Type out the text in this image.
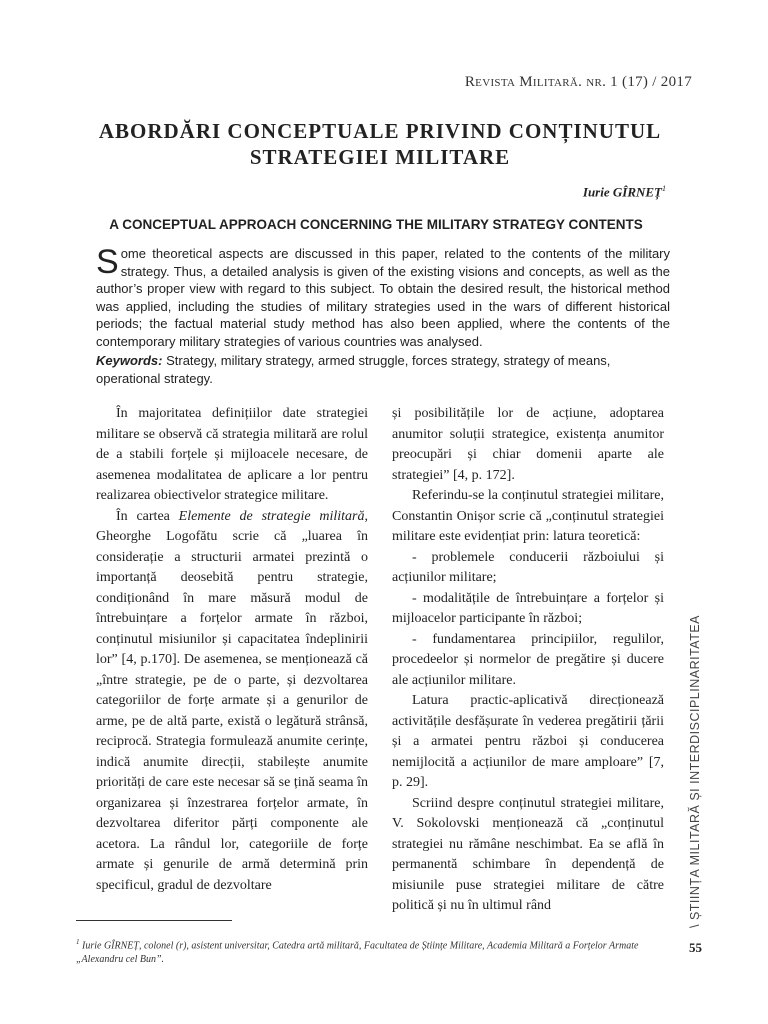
Revista Militară. nr. 1 (17) / 2017
ABORDĂRI CONCEPTUALE PRIVIND CONȚINUTUL
STRATEGIEI MILITARE
Iurie GÎRNEȚ$^1$
A CONCEPTUAL APPROACH CONCERNING THE MILITARY STRATEGY CONTENTS
Some theoretical aspects are discussed in this paper, related to the contents of the military strategy. Thus, a detailed analysis is given of the existing visions and concepts, as well as the author’s proper view with regard to this subject. To obtain the desired result, the historical method was applied, including the studies of military strategies used in the wars of different historical periods; the factual material study method has also been applied, where the contents of the contemporary military strategies of various countries was analysed.
Keywords: Strategy, military strategy, armed struggle, forces strategy, strategy of means, operational strategy.

În majoritatea definițiilor date strategiei militare se observă că strategia militară are rolul de a stabili forțele și mijloacele necesare, de asemenea modalitatea de aplicare a lor pentru realizarea obiectivelor strategice militare.

În cartea Elemente de strategie militară, Gheorghe Logofătu scrie că „luarea în considerație a structurii armatei prezintă o importanță deosebită pentru strategie, condiționând în mare măsură modul de întrebuințare a forțelor armate în război, conținutul misiunilor și capacitatea îndeplinirii lor” [4, p.170]. De asemenea, se menționează că „între strategie, pe de o parte, și dezvoltarea categoriilor de forțe armate și a genurilor de arme, pe de altă parte, există o legătură strânsă, reciprocă. Strategia formulează anumite cerințe, indică anumite direcții, stabilește anumite priorități de care este necesar să se țină seama în organizarea și înzestrarea forțelor armate, în dezvoltarea diferitor părți componente ale acetora. La rândul lor, categoriile de forțe armate și genurile de armă determină prin specificul, gradul de dezvoltare

și posibilitățile lor de acțiune, adoptarea anumitor soluții strategice, existența anumitor preocupări și chiar domenii aparte ale strategiei” [4, p. 172].

Referindu-se la conținutul strategiei militare, Constantin Onișor scrie că „conținutul strategiei militare este evidențiat prin: latura teoretică:

- problemele conducerii războiului și acțiunilor militare;

- modalitățile de întrebuințare a forțelor și mijloacelor participante în război;

- fundamentarea principiilor, regulilor, procedeelor și normelor de pregătire și ducere ale acțiunilor militare.

Latura practic-aplicativă direcționează activitățile desfășurate în vederea pregătirii țării și a armatei pentru război și conducerea nemijlocită a acțiunilor de mare amploare” [7, p. 29].

Scriind despre conținutul strategiei militare, V. Sokolovski menționează că „conținutul strategiei nu rămâne neschimbat. Ea se află în permanentă schimbare în dependență de misiunile puse strategiei militare de către politică și nu în ultimul rând

$^1$ Iurie GÎRNEȚ, colonel (r), asistent universitar, Catedra artă militară, Facultatea de Științe Militare, Academia Militară a Forțelor Armate „Alexandru cel Bun”.
\ ȘTIINȚA MILITARĂ ȘI INTERDISCIPLINARITATEA
55
